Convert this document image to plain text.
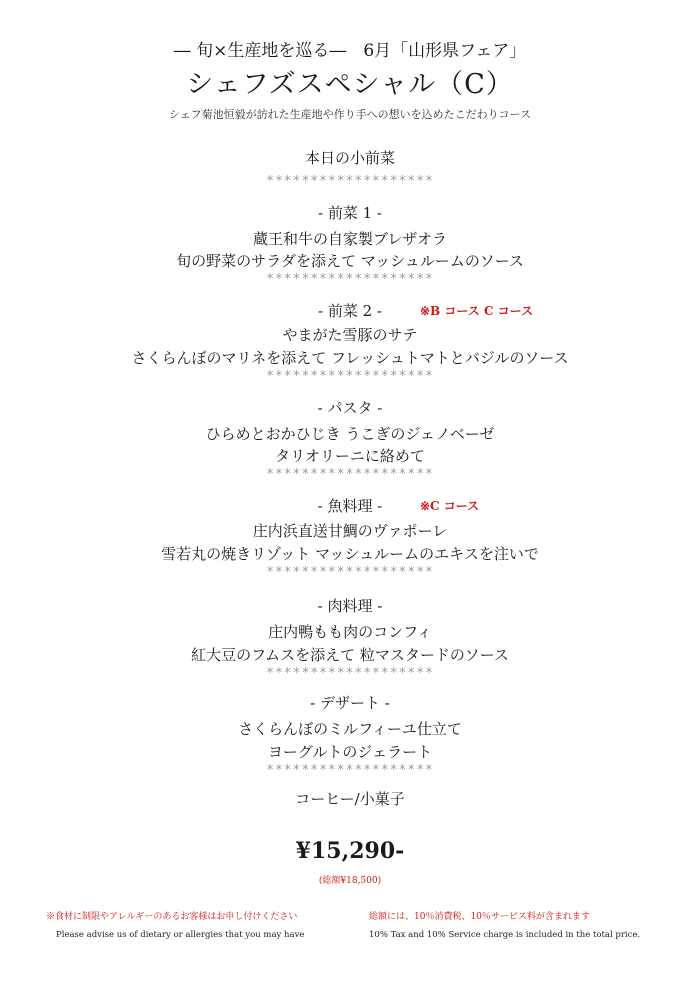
― 旬×生産地を巡る―　6月「山形県フェア」
シェフズスペシャル（C）
シェフ菊池恒毅が訪れた生産地や作り手への想いを込めたこだわりコース
本日の小前菜
*******************
- 前菜 1 -
蔵王和牛の自家製ブレザオラ
旬の野菜のサラダを添えて マッシュルームのソース
*******************
- 前菜 2 -	※B コース C コース
やまがた雪豚のサテ
さくらんぼのマリネを添えて フレッシュトマトとバジルのソース
*******************
- パスタ -
ひらめとおかひじき うこぎのジェノベーゼ
タリオリーニに絡めて
*******************
- 魚料理 -	※C コース
庄内浜直送甘鯛のヴァポーレ
雪若丸の焼きリゾット マッシュルームのエキスを注いで
*******************
- 肉料理 -
庄内鴨もも肉のコンフィ
紅大豆のフムスを添えて 粒マスタードのソース
*******************
- デザート -
さくらんぼのミルフィーユ仕立て
ヨーグルトのジェラート
*******************
コーヒー/小菓子
¥15,290-
(総額¥18,500)
※食材に制限やアレルギーのあるお客様はお申し付けください
Please advise us of dietary or allergies that you may have
総額には、10％消費税、10％サービス料が含まれます
10% Tax and 10% Service charge is included in the total price.
